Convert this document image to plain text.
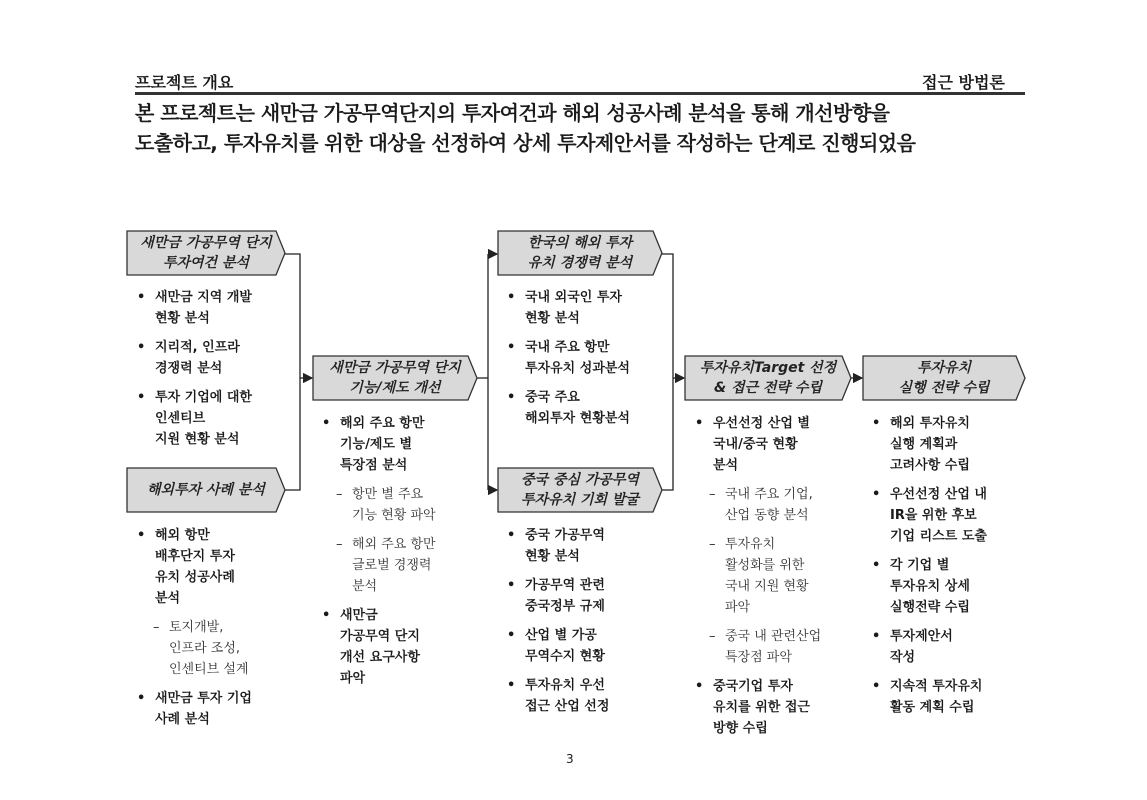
프로젝트 개요	접근 방법론
본 프로젝트는 새만금 가공무역단지의 투자여건과 해외 성공사례 분석을 통해 개선방향을
도출하고, 투자유치를 위한 대상을 선정하여 상세 투자제안서를 작성하는 단계로 진행되었음
새만금 가공무역 단지
투자여건 분석
해외투자 사례 분석
새만금 가공무역 단지
기능/제도 개선
한국의 해외 투자
유치 경쟁력 분석
중국 중심 가공무역
투자유치 기회 발굴
투자유치Target 선정
& 접근 전략 수립
투자유치
실행 전략 수립
• 새만금 지역 개발
현황 분석
• 지리적, 인프라
경쟁력 분석
• 투자 기업에 대한
인센티브
지원 현황 분석
• 해외 항만
배후단지 투자
유치 성공사례
분석
– 토지개발,
인프라 조성,
인센티브 설계
• 새만금 투자 기업
사례 분석
• 해외 주요 항만
기능/제도 별
특장점 분석
– 항만 별 주요
기능 현황 파악
– 해외 주요 항만
글로벌 경쟁력
분석
• 새만금
가공무역 단지
개선 요구사항
파악
• 국내 외국인 투자
현황 분석
• 국내 주요 항만
투자유치 성과분석
• 중국 주요
해외투자 현황분석
• 중국 가공무역
현황 분석
• 가공무역 관련
중국정부 규제
• 산업 별 가공
무역수지 현황
• 투자유치 우선
접근 산업 선정
• 우선선정 산업 별
국내/중국 현황
분석
– 국내 주요 기업,
산업 동향 분석
– 투자유치
활성화를 위한
국내 지원 현황
파악
– 중국 내 관련산업
특장점 파악
• 중국기업 투자
유치를 위한 접근
방향 수립
• 해외 투자유치
실행 계획과
고려사항 수립
• 우선선정 산업 내
IR을 위한 후보
기업 리스트 도출
• 각 기업 별
투자유치 상세
실행전략 수립
• 투자제안서
작성
• 지속적 투자유치
활동 계획 수립
3
